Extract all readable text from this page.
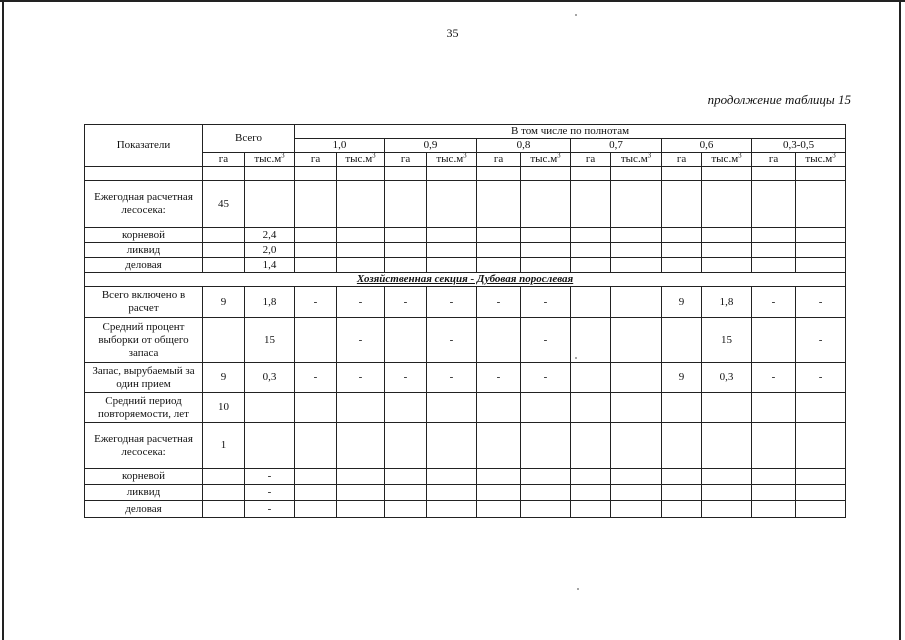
35
продолжение таблицы 15
Показатели	Всего		В том числе по полнотам											
			1,0		0,9		0,8		0,7		0,6		0,3-0,5	
	га	$тыс.м^3$	га	$тыс.м^3$	га	$тыс.м^3$	га	$тыс.м^3$	га	$тыс.м^3$	га	$тыс.м^3$	га	$тыс.м^3$

Ежегодная расчетная лесосека:	45													
корневой		2,4												
ликвид		2,0												
деловая		1,4												
Хозяйственная секция - Дубовая порослевая														
Всего включено в расчет	9	1,8	-	-	-	-	-	-			9	1,8	-	-
Средний процент выборки от общего запаса		15		-		-		-				15		-
Запас, вырубаемый за один прием	9	0,3	-	-	-	-	-	-			9	0,3	-	-
Средний период повторяемости, лет	10													
Ежегодная расчетная лесосека:	1													
корневой		-												
ликвид		-												
деловая		-												
